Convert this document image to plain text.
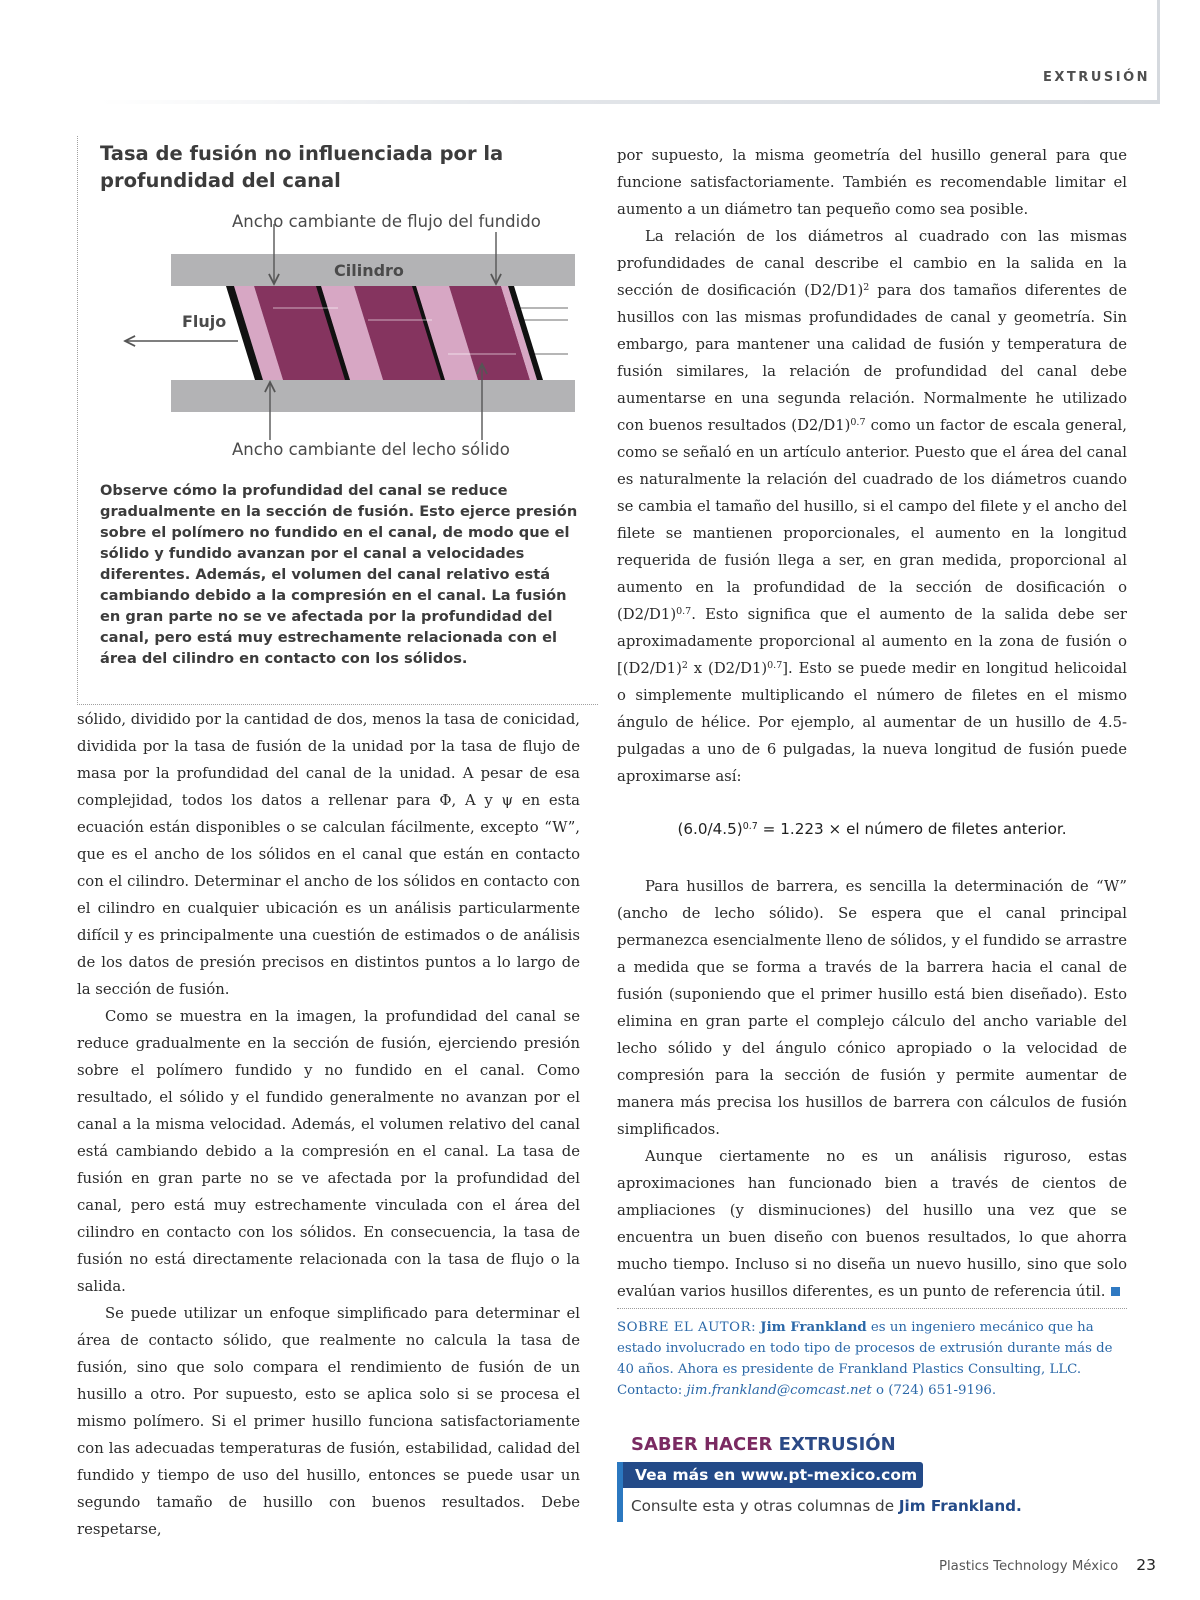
EXTRUSIÓN
Tasa de fusión no influenciada por la profundidad del canal
Ancho cambiante de flujo del fundido
Cilindro
Flujo
Ancho cambiante del lecho sólido
Observe cómo la profundidad del canal se reduce gradualmente en la sección de fusión. Esto ejerce presión sobre el polímero no fundido en el canal, de modo que el sólido y fundido avanzan por el canal a velocidades diferentes. Además, el volumen del canal relativo está cambiando debido a la compresión en el canal. La fusión en gran parte no se ve afectada por la profundidad del canal, pero está muy estrechamente relacionada con el área del cilindro en contacto con los sólidos.

sólido, dividido por la cantidad de dos, menos la tasa de conicidad, dividida por la tasa de fusión de la unidad por la tasa de flujo de masa por la profundidad del canal de la unidad. A pesar de esa complejidad, todos los datos a rellenar para Φ, A y ψ en esta ecuación están disponibles o se calculan fácilmente, excepto “W”, que es el ancho de los sólidos en el canal que están en contacto con el cilindro. Determinar el ancho de los sólidos en contacto con el cilindro en cualquier ubicación es un análisis particularmente difícil y es principalmente una cuestión de estimados o de análisis de los datos de presión precisos en distintos puntos a lo largo de la sección de fusión.

Como se muestra en la imagen, la profundidad del canal se reduce gradualmente en la sección de fusión, ejerciendo presión sobre el polímero fundido y no fundido en el canal. Como resultado, el sólido y el fundido generalmente no avanzan por el canal a la misma velocidad. Además, el volumen relativo del canal está cambiando debido a la compresión en el canal. La tasa de fusión en gran parte no se ve afectada por la profundidad del canal, pero está muy estrechamente vinculada con el área del cilindro en contacto con los sólidos. En consecuencia, la tasa de fusión no está directamente relacionada con la tasa de flujo o la salida.

Se puede utilizar un enfoque simplificado para determinar el área de contacto sólido, que realmente no calcula la tasa de fusión, sino que solo compara el rendimiento de fusión de un husillo a otro. Por supuesto, esto se aplica solo si se procesa el mismo polímero. Si el primer husillo funciona satisfactoriamente con las adecuadas temperaturas de fusión, estabilidad, calidad del fundido y tiempo de uso del husillo, entonces se puede usar un segundo tamaño de husillo con buenos resultados. Debe respetarse,

por supuesto, la misma geometría del husillo general para que funcione satisfactoriamente. También es recomendable limitar el aumento a un diámetro tan pequeño como sea posible.

La relación de los diámetros al cuadrado con las mismas profundidades de canal describe el cambio en la salida en la sección de dosificación $(D2/D1)^2$ para dos tamaños diferentes de husillos con las mismas profundidades de canal y geometría. Sin embargo, para mantener una calidad de fusión y temperatura de fusión similares, la relación de profundidad del canal debe aumentarse en una segunda relación. Normalmente he utilizado con buenos resultados $(D2/D1)^{0.7}$ como un factor de escala general, como se señaló en un artículo anterior. Puesto que el área del canal es naturalmente la relación del cuadrado de los diámetros cuando se cambia el tamaño del husillo, si el campo del filete y el ancho del filete se mantienen proporcionales, el aumento en la longitud requerida de fusión llega a ser, en gran medida, proporcional al aumento en la profundidad de la sección de dosificación o $(D2/D1)^{0.7}$. Esto significa que el aumento de la salida debe ser aproximadamente proporcional al aumento en la zona de fusión o [$(D2/D1)^2$ x $(D2/D1)^{0.7}$]. Esto se puede medir en longitud helicoidal o simplemente multiplicando el número de filetes en el mismo ángulo de hélice. Por ejemplo, al aumentar de un husillo de 4.5-pulgadas a uno de 6 pulgadas, la nueva longitud de fusión puede aproximarse así:

$(6.0/4.5)^{0.7} = 1.223$ × el número de filetes anterior.

Para husillos de barrera, es sencilla la determinación de “W” (ancho de lecho sólido). Se espera que el canal principal permanezca esencialmente lleno de sólidos, y el fundido se arrastre a medida que se forma a través de la barrera hacia el canal de fusión (suponiendo que el primer husillo está bien diseñado). Esto elimina en gran parte el complejo cálculo del ancho variable del lecho sólido y del ángulo cónico apropiado o la velocidad de compresión para la sección de fusión y permite aumentar de manera más precisa los husillos de barrera con cálculos de fusión simplificados.

Aunque ciertamente no es un análisis riguroso, estas aproximaciones han funcionado bien a través de cientos de ampliaciones (y disminuciones) del husillo una vez que se encuentra un buen diseño con buenos resultados, lo que ahorra mucho tiempo. Incluso si no diseña un nuevo husillo, sino que solo evalúan varios husillos diferentes, es un punto de referencia útil.

SOBRE EL AUTOR: Jim Frankland es un ingeniero mecánico que ha estado involucrado en todo tipo de procesos de extrusión durante más de 40 años. Ahora es presidente de Frankland Plastics Consulting, LLC. Contacto: jim.frankland@comcast.net o (724) 651-9196.
SABER HACER EXTRUSIÓN
Vea más en www.pt-mexico.com
Consulte esta y otras columnas de Jim Frankland.
Plastics Technology México 23
